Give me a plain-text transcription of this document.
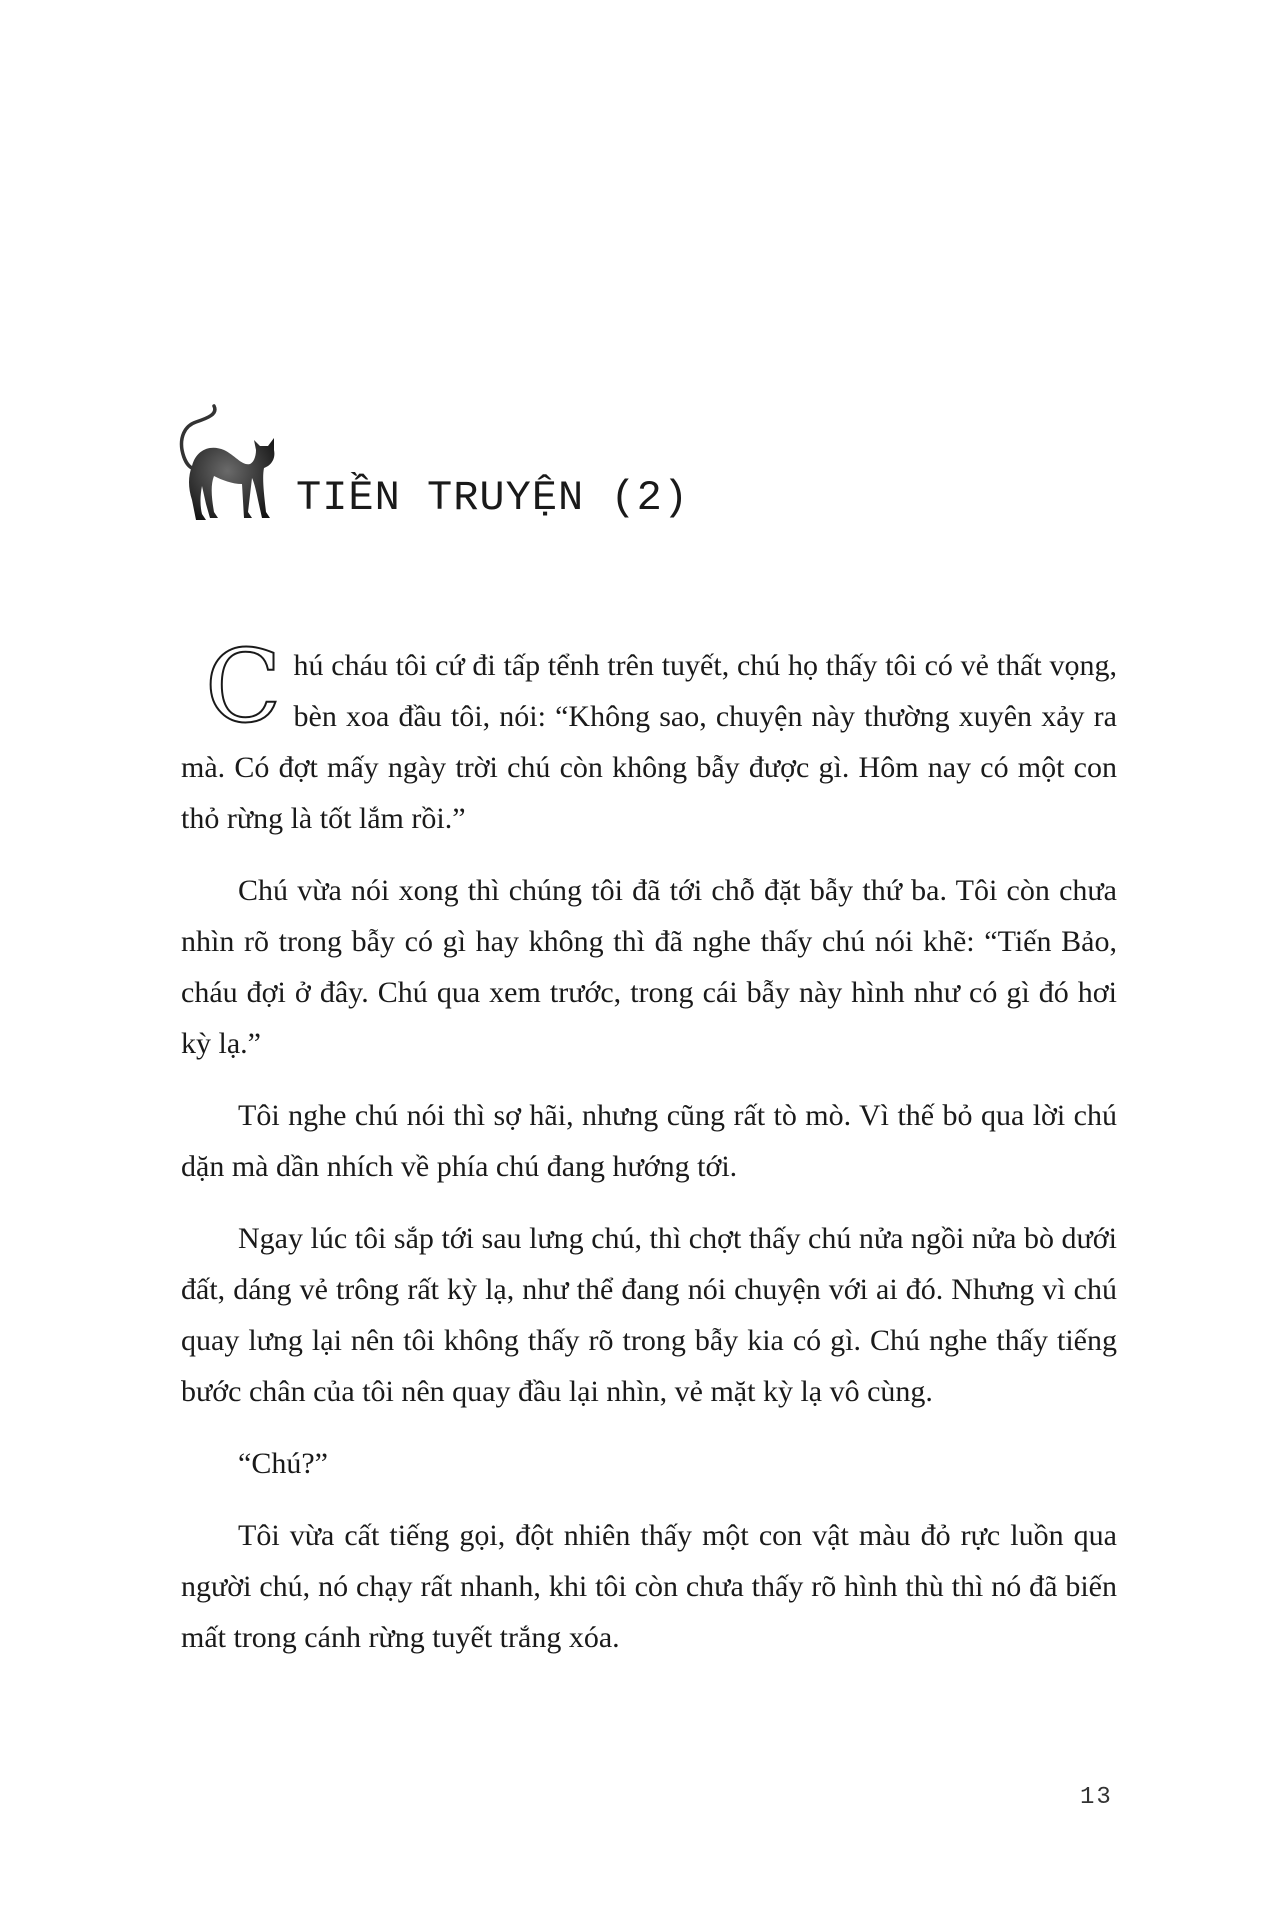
TIỀN TRUYỆN (2)

Chú cháu tôi cứ đi tấp tểnh trên tuyết, chú họ thấy tôi có vẻ thất vọng, bèn xoa đầu tôi, nói: “Không sao, chuyện này thường xuyên xảy ra mà. Có đợt mấy ngày trời chú còn không bẫy được gì. Hôm nay có một con thỏ rừng là tốt lắm rồi.”

Chú vừa nói xong thì chúng tôi đã tới chỗ đặt bẫy thứ ba. Tôi còn chưa nhìn rõ trong bẫy có gì hay không thì đã nghe thấy chú nói khẽ: “Tiến Bảo, cháu đợi ở đây. Chú qua xem trước, trong cái bẫy này hình như có gì đó hơi kỳ lạ.”

Tôi nghe chú nói thì sợ hãi, nhưng cũng rất tò mò. Vì thế bỏ qua lời chú dặn mà dần nhích về phía chú đang hướng tới.

Ngay lúc tôi sắp tới sau lưng chú, thì chợt thấy chú nửa ngồi nửa bò dưới đất, dáng vẻ trông rất kỳ lạ, như thể đang nói chuyện với ai đó. Nhưng vì chú quay lưng lại nên tôi không thấy rõ trong bẫy kia có gì. Chú nghe thấy tiếng bước chân của tôi nên quay đầu lại nhìn, vẻ mặt kỳ lạ vô cùng.

“Chú?”

Tôi vừa cất tiếng gọi, đột nhiên thấy một con vật màu đỏ rực luồn qua người chú, nó chạy rất nhanh, khi tôi còn chưa thấy rõ hình thù thì nó đã biến mất trong cánh rừng tuyết trắng xóa.

13
